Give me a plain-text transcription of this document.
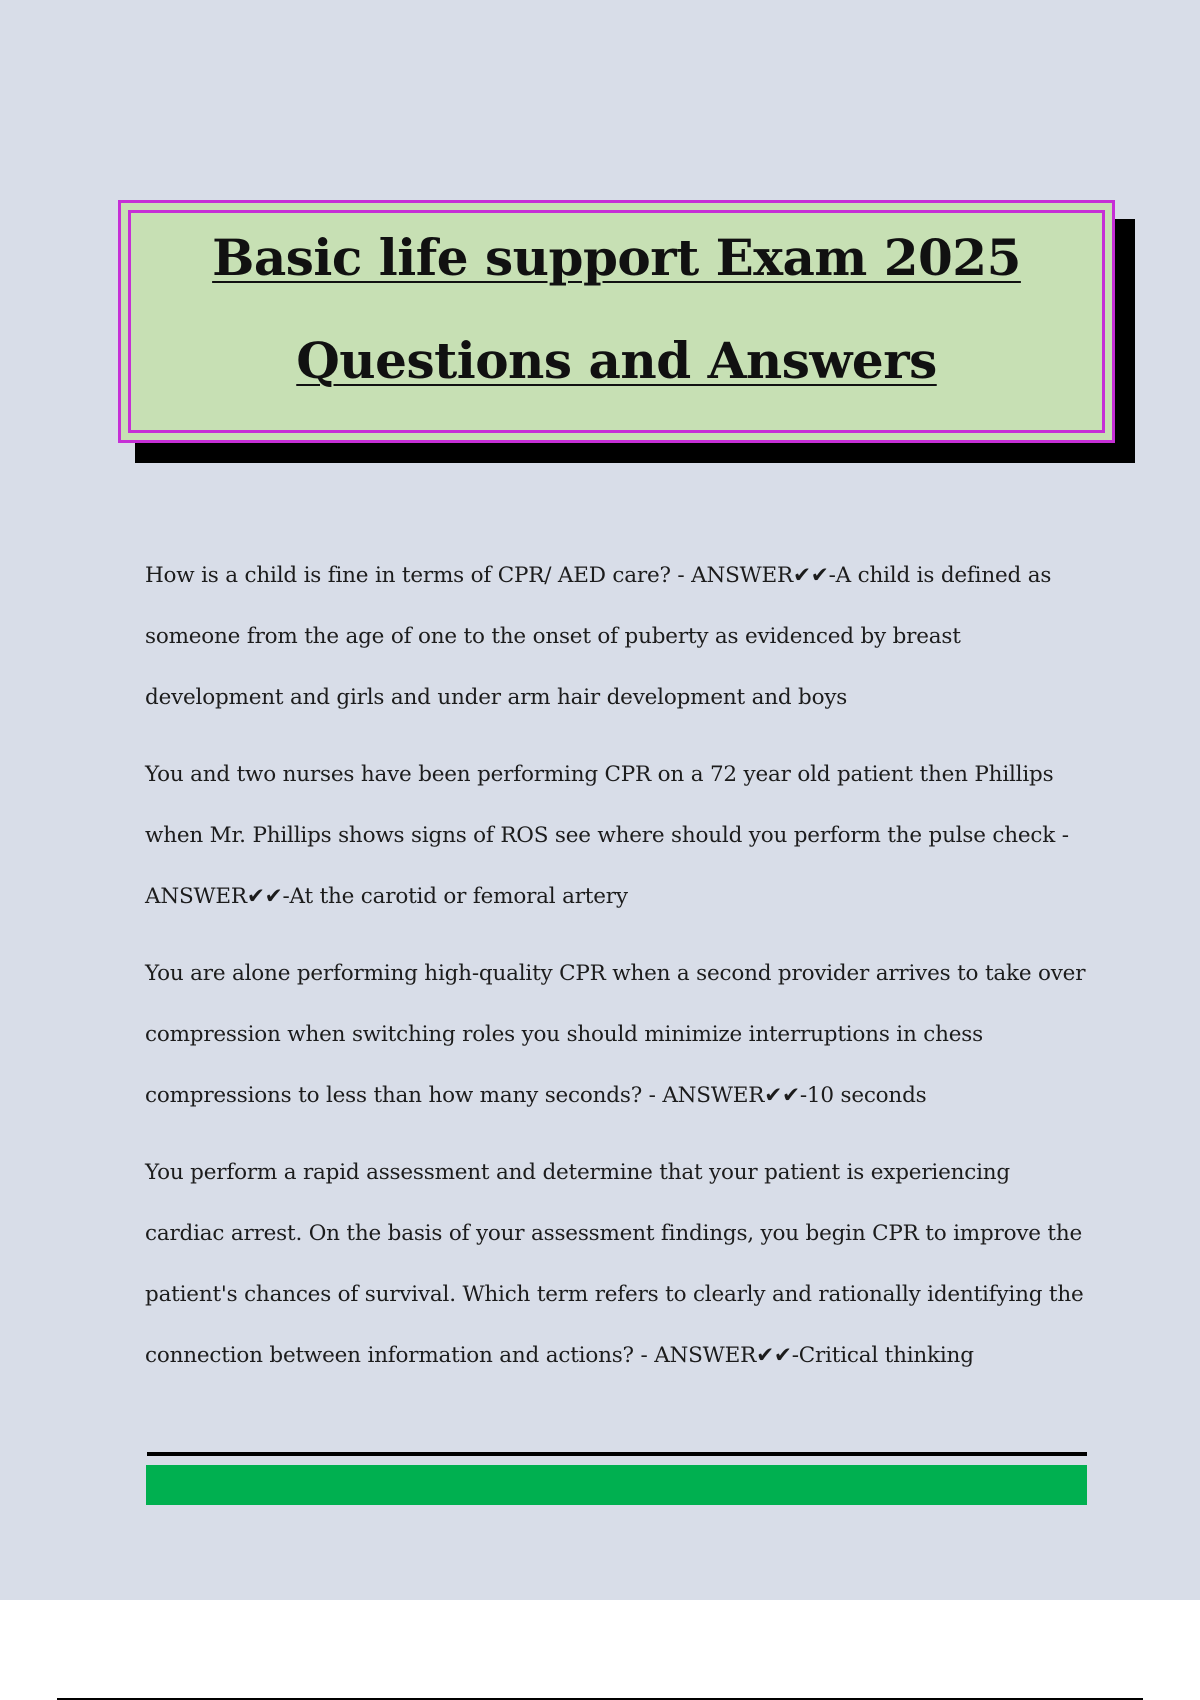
Basic life support Exam 2025
Questions and Answers

How is a child is fine in terms of CPR/ AED care? - ANSWER✔✔-A child is defined as someone from the age of one to the onset of puberty as evidenced by breast development and girls and under arm hair development and boys

You and two nurses have been performing CPR on a 72 year old patient then Phillips when Mr. Phillips shows signs of ROS see where should you perform the pulse check - ANSWER✔✔-At the carotid or femoral artery

You are alone performing high-quality CPR when a second provider arrives to take over compression when switching roles you should minimize interruptions in chess compressions to less than how many seconds? - ANSWER✔✔-10 seconds

You perform a rapid assessment and determine that your patient is experiencing cardiac arrest. On the basis of your assessment findings, you begin CPR to improve the patient's chances of survival. Which term refers to clearly and rationally identifying the connection between information and actions? - ANSWER✔✔-Critical thinking
